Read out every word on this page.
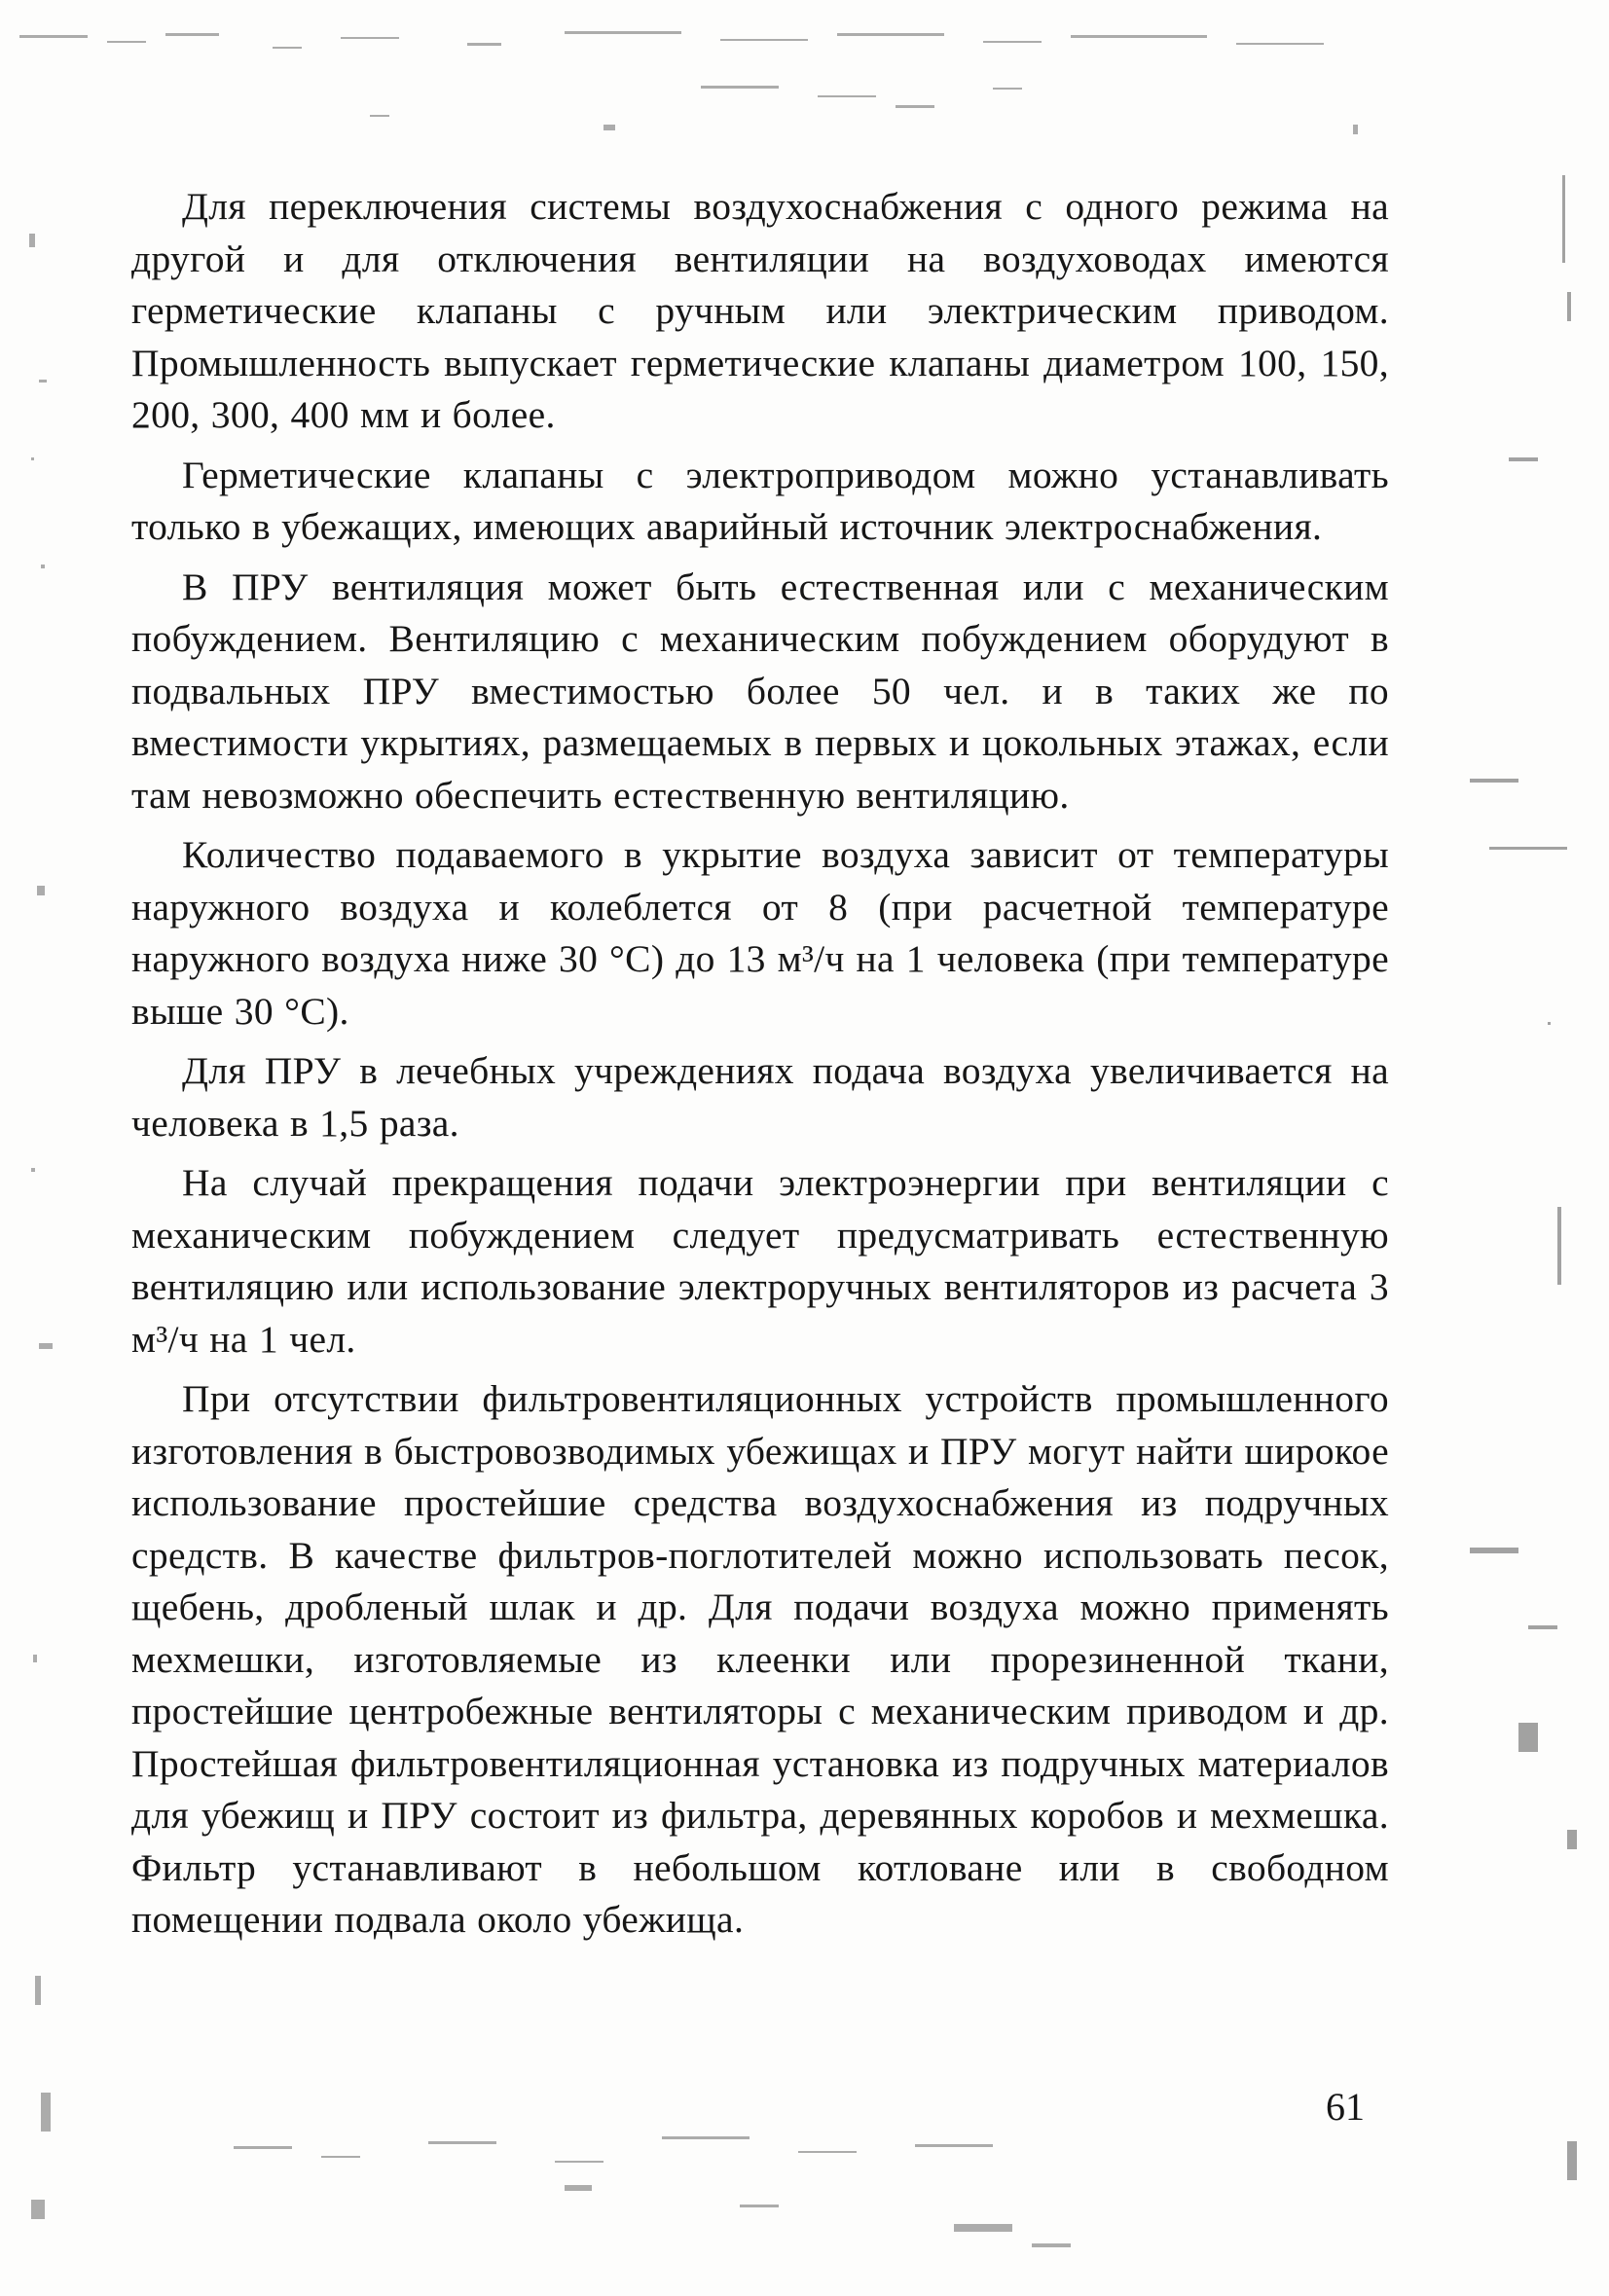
Для переключения системы воздухоснабжения с одного режима на другой и для отключения вентиляции на воздуховодах имеются герметические клапаны с ручным или электрическим приводом. Промышленность выпускает герметические клапаны диаметром 100, 150, 200, 300, 400 мм и более.

Герметические клапаны с электроприводом можно устанавливать только в убежащих, имеющих аварийный источник электроснабжения.

В ПРУ вентиляция может быть естественная или с механическим побуждением. Вентиляцию с механическим побуждением оборудуют в подвальных ПРУ вместимостью более 50 чел. и в таких же по вместимости укрытиях, размещаемых в первых и цокольных этажах, если там невозможно обеспечить естественную вентиляцию.

Количество подаваемого в укрытие воздуха зависит от температуры наружного воздуха и колеблется от 8 (при расчетной температуре наружного воздуха ниже 30 °С) до 13 м³/ч на 1 человека (при температуре выше 30 °С).

Для ПРУ в лечебных учреждениях подача воздуха увеличивается на человека в 1,5 раза.

На случай прекращения подачи электроэнергии при вентиляции с механическим побуждением следует предусматривать естественную вентиляцию или использование электроручных вентиляторов из расчета 3 м³/ч на 1 чел.

При отсутствии фильтровентиляционных устройств промышленного изготовления в быстровозводимых убежищах и ПРУ могут найти широкое использование простейшие средства воздухоснабжения из подручных средств. В качестве фильтров-поглотителей можно использовать песок, щебень, дробленый шлак и др. Для подачи воздуха можно применять мехмешки, изготовляемые из клеенки или прорезиненной ткани, простейшие центробежные вентиляторы с механическим приводом и др. Простейшая фильтровентиляционная установка из подручных материалов для убежищ и ПРУ состоит из фильтра, деревянных коробов и мехмешка. Фильтр устанавливают в небольшом котловане или в свободном помещении подвала около убежища.

61
